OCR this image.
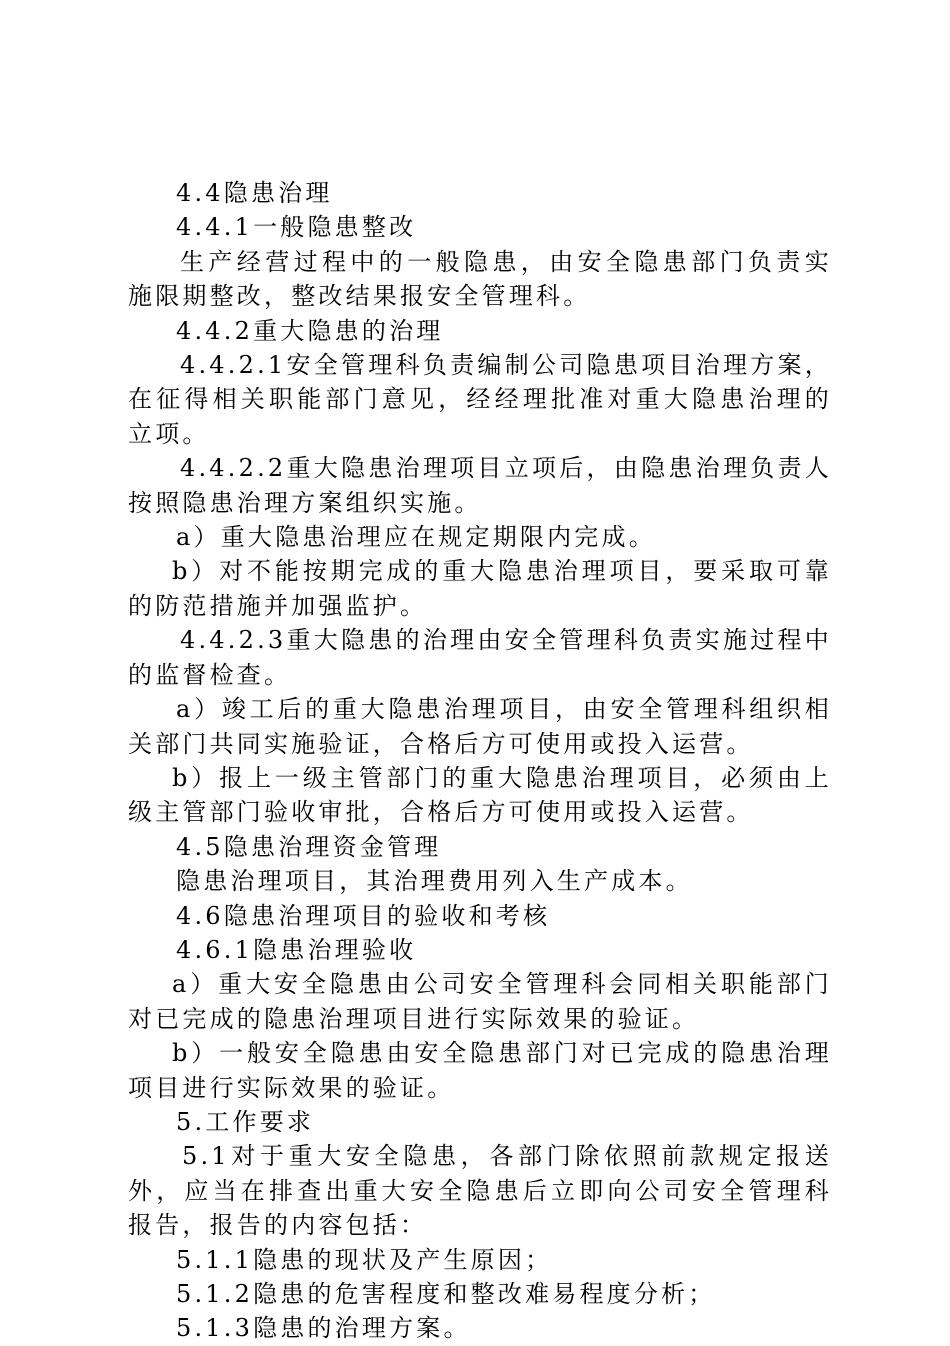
4.4隐患治理

4.4.1一般隐患整改

生产经营过程中的一般隐患，由安全隐患部门负责实施限期整改，整改结果报安全管理科。

4.4.2重大隐患的治理

4.4.2.1安全管理科负责编制公司隐患项目治理方案，在征得相关职能部门意见，经经理批准对重大隐患治理的立项。

4.4.2.2重大隐患治理项目立项后，由隐患治理负责人按照隐患治理方案组织实施。

a）重大隐患治理应在规定期限内完成。

b）对不能按期完成的重大隐患治理项目，要采取可靠的防范措施并加强监护。

4.4.2.3重大隐患的治理由安全管理科负责实施过程中的监督检查。

a）竣工后的重大隐患治理项目，由安全管理科组织相关部门共同实施验证，合格后方可使用或投入运营。

b）报上一级主管部门的重大隐患治理项目，必须由上级主管部门验收审批，合格后方可使用或投入运营。

4.5隐患治理资金管理

隐患治理项目，其治理费用列入生产成本。

4.6隐患治理项目的验收和考核

4.6.1隐患治理验收

a）重大安全隐患由公司安全管理科会同相关职能部门对已完成的隐患治理项目进行实际效果的验证。

b）一般安全隐患由安全隐患部门对已完成的隐患治理项目进行实际效果的验证。

5.工作要求

5.1对于重大安全隐患，各部门除依照前款规定报送外，应当在排查出重大安全隐患后立即向公司安全管理科报告，报告的内容包括：

5.1.1隐患的现状及产生原因；

5.1.2隐患的危害程度和整改难易程度分析；

5.1.3隐患的治理方案。
